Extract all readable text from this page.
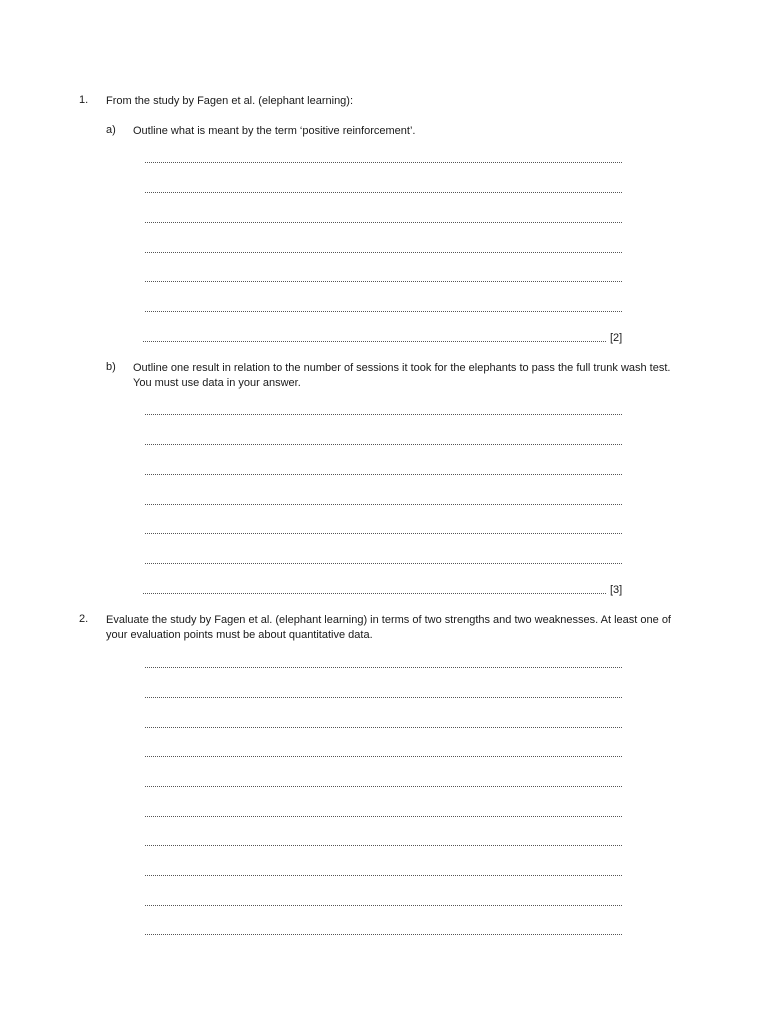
1. From the study by Fagen et al. (elephant learning):
a) Outline what is meant by the term ‘positive reinforcement’.
[2]
b) Outline one result in relation to the number of sessions it took for the elephants to pass the full trunk wash test. You must use data in your answer.
[3]
2. Evaluate the study by Fagen et al. (elephant learning) in terms of two strengths and two weaknesses. At least one of your evaluation points must be about quantitative data.
